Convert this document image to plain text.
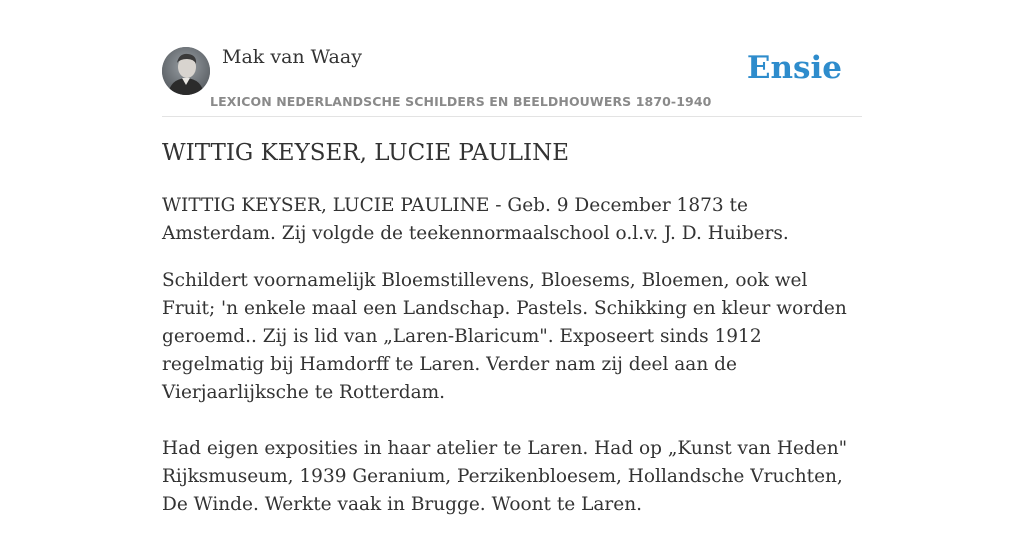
Mak van Waay
LEXICON NEDERLANDSCHE SCHILDERS EN BEELDHOUWERS 1870-1940
Ensie
WITTIG KEYSER, LUCIE PAULINE

WITTIG KEYSER, LUCIE PAULINE - Geb. 9 December 1873 te Amsterdam. Zij volgde de teekennormaalschool o.l.v. J. D. Huibers.

Schildert voornamelijk Bloemstillevens, Bloesems, Bloemen, ook wel Fruit; 'n enkele maal een Landschap. Pastels. Schikking en kleur worden geroemd.. Zij is lid van „Laren-Blaricum". Exposeert sinds 1912 regelmatig bij Hamdorff te Laren. Verder nam zij deel aan de Vierjaarlijksche te Rotterdam.

Had eigen exposities in haar atelier te Laren. Had op „Kunst van Heden" Rijksmuseum, 1939 Geranium, Perzikenbloesem, Hollandsche Vruchten, De Winde. Werkte vaak in Brugge. Woont te Laren.
